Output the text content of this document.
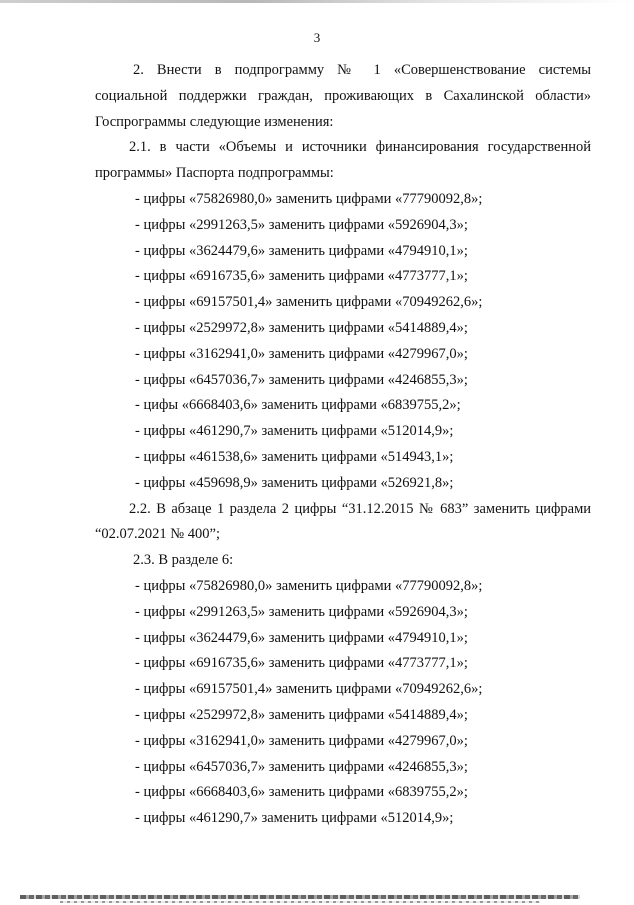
3
2. Внести в подпрограмму № 1 «Совершенствование системы
социальной поддержки граждан, проживающих в Сахалинской области»
Госпрограммы следующие изменения:
2.1. в части «Объемы и источники финансирования государственной
программы» Паспорта подпрограммы:
- цифры «75826980,0» заменить цифрами «77790092,8»;
- цифры «2991263,5» заменить цифрами «5926904,3»;
- цифры «3624479,6» заменить цифрами «4794910,1»;
- цифры «6916735,6» заменить цифрами «4773777,1»;
- цифры «69157501,4» заменить цифрами «70949262,6»;
- цифры «2529972,8» заменить цифрами «5414889,4»;
- цифры «3162941,0» заменить цифрами «4279967,0»;
- цифры «6457036,7» заменить цифрами «4246855,3»;
- цифы «6668403,6» заменить цифрами «6839755,2»;
- цифры «461290,7» заменить цифрами «512014,9»;
- цифры «461538,6» заменить цифрами «514943,1»;
- цифры «459698,9» заменить цифрами «526921,8»;
2.2. В абзаце 1 раздела 2 цифры “31.12.2015 № 683” заменить цифрами
“02.07.2021 № 400”;
2.3. В разделе 6:
- цифры «75826980,0» заменить цифрами «77790092,8»;
- цифры «2991263,5» заменить цифрами «5926904,3»;
- цифры «3624479,6» заменить цифрами «4794910,1»;
- цифры «6916735,6» заменить цифрами «4773777,1»;
- цифры «69157501,4» заменить цифрами «70949262,6»;
- цифры «2529972,8» заменить цифрами «5414889,4»;
- цифры «3162941,0» заменить цифрами «4279967,0»;
- цифры «6457036,7» заменить цифрами «4246855,3»;
- цифры «6668403,6» заменить цифрами «6839755,2»;
- цифры «461290,7» заменить цифрами «512014,9»;
